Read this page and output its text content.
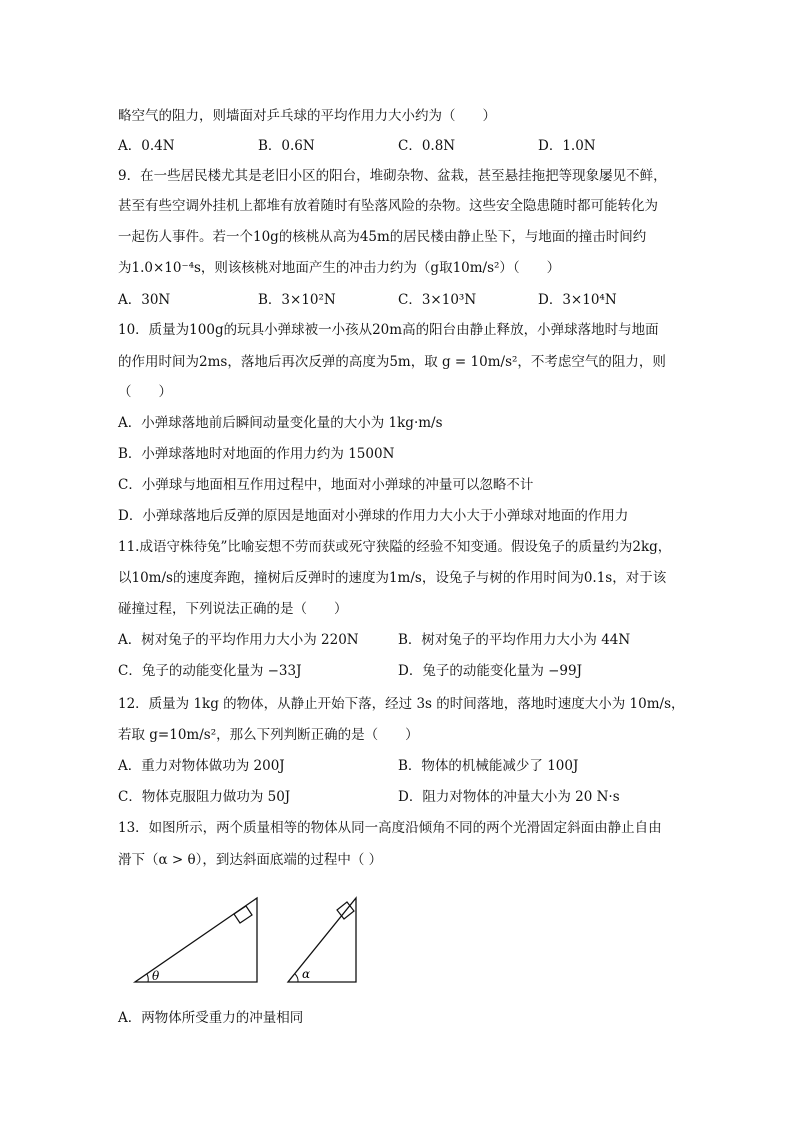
略空气的阻力，则墙面对乒乓球的平均作用力大小约为（　　）
A．0.4N	B．0.6N	C．0.8N	D．1.0N
9．在一些居民楼尤其是老旧小区的阳台，堆砌杂物、盆栽，甚至悬挂拖把等现象屡见不鲜，
甚至有些空调外挂机上都堆有放着随时有坠落风险的杂物。这些安全隐患随时都可能转化为
一起伤人事件。若一个10g的核桃从高为45m的居民楼由静止坠下，与地面的撞击时间约
为1.0×10⁻⁴s，则该核桃对地面产生的冲击力约为（g取10m/s²）（　　）
A．30N	B．3×10²N	C．3×10³N	D．3×10⁴N
10．质量为100g的玩具小弹球被一小孩从20m高的阳台由静止释放，小弹球落地时与地面
的作用时间为2ms，落地后再次反弹的高度为5m，取 g = 10m/s²，不考虑空气的阻力，则
（　　）
A．小弹球落地前后瞬间动量变化量的大小为 1kg·m/s
B．小弹球落地时对地面的作用力约为 1500N
C．小弹球与地面相互作用过程中，地面对小弹球的冲量可以忽略不计
D．小弹球落地后反弹的原因是地面对小弹球的作用力大小大于小弹球对地面的作用力
11.成语守株待兔”比喻妄想不劳而获或死守狭隘的经验不知变通。假设兔子的质量约为2kg，
以10m/s的速度奔跑，撞树后反弹时的速度为1m/s，设兔子与树的作用时间为0.1s，对于该
碰撞过程，下列说法正确的是（　　）
A．树对兔子的平均作用力大小为 220N	B．树对兔子的平均作用力大小为 44N
C．兔子的动能变化量为 −33J	D．兔子的动能变化量为 −99J
12．质量为 1kg 的物体，从静止开始下落，经过 3s 的时间落地，落地时速度大小为 10m/s，
若取 g=10m/s²，那么下列判断正确的是（　　）
A．重力对物体做功为 200J	B．物体的机械能减少了 100J
C．物体克服阻力做功为 50J	D．阻力对物体的冲量大小为 20 N·s
13．如图所示，两个质量相等的物体从同一高度沿倾角不同的两个光滑固定斜面由静止自由
滑下（α > θ），到达斜面底端的过程中（ ）
θ	α
A．两物体所受重力的冲量相同
